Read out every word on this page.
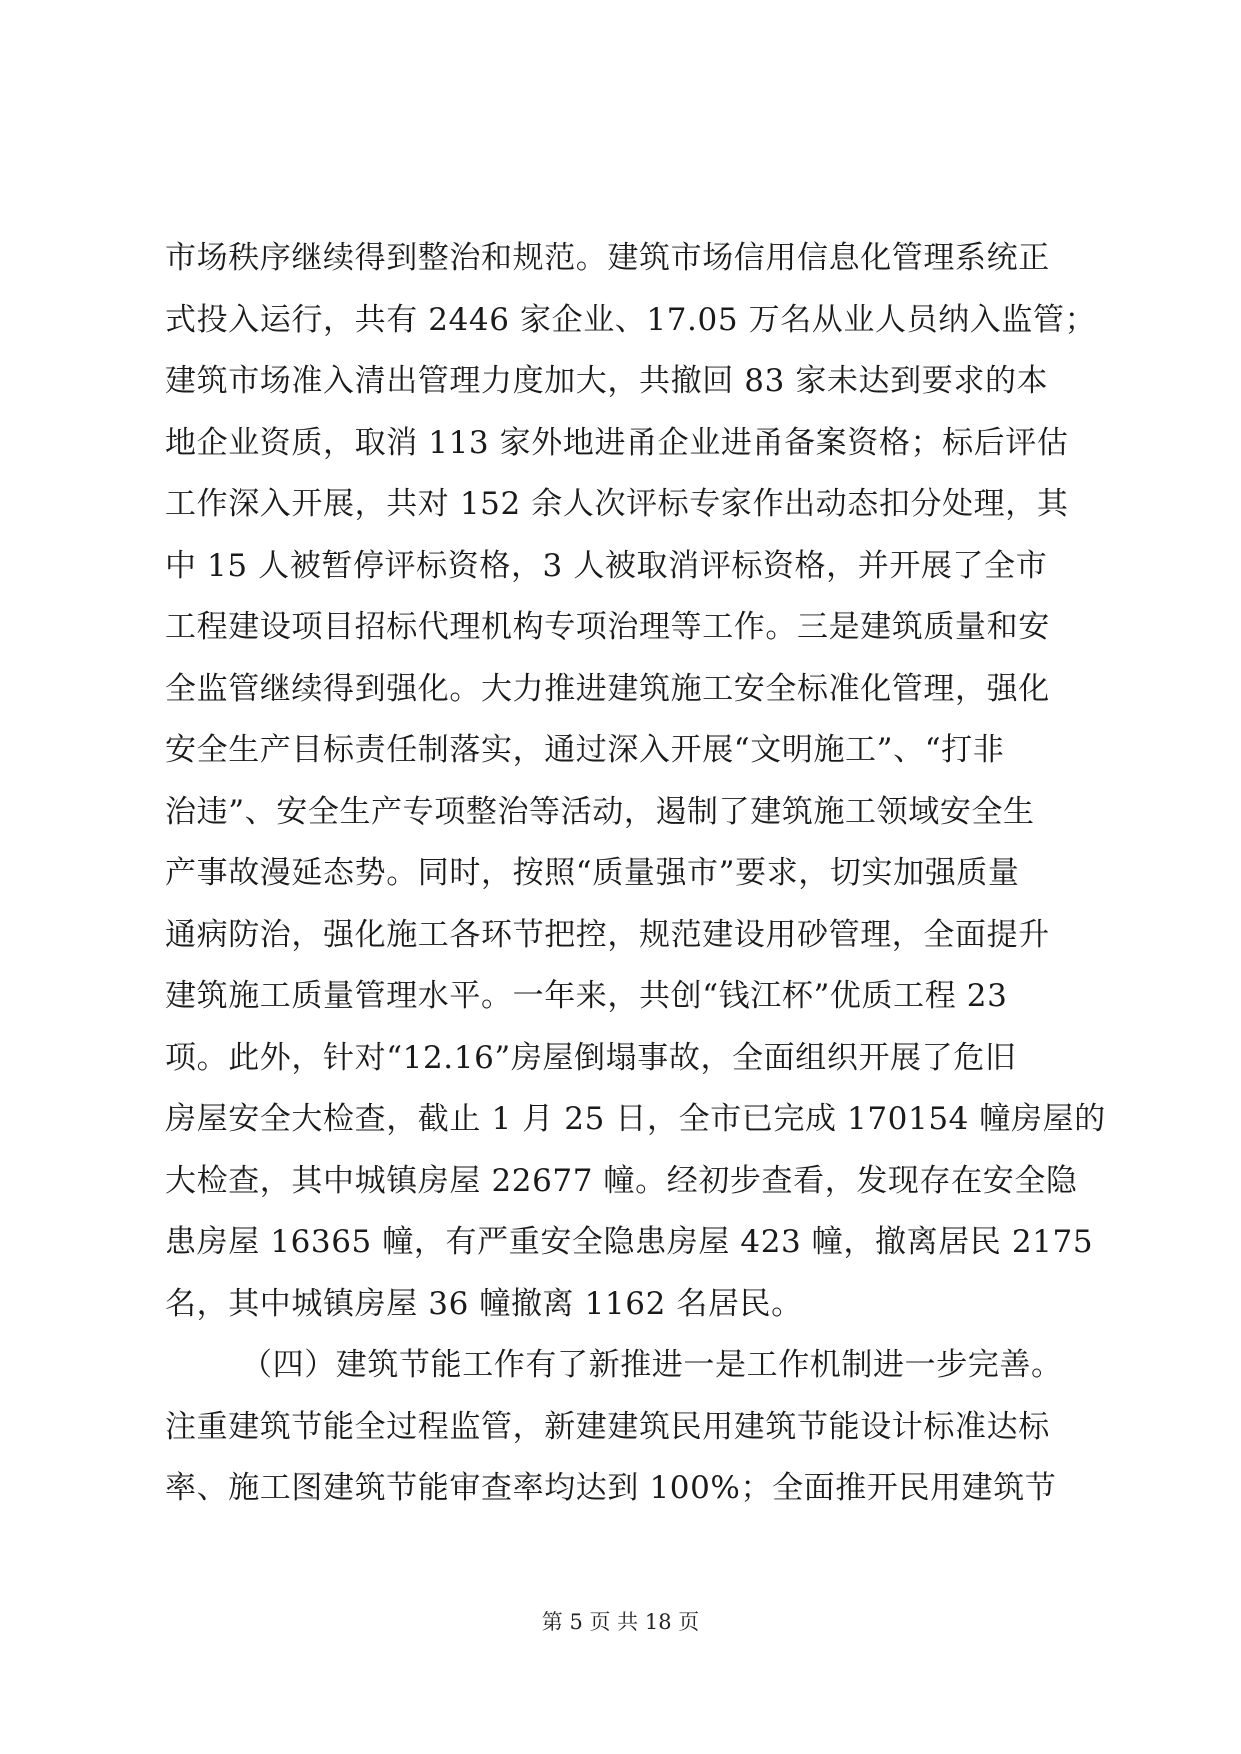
市场秩序继续得到整治和规范。建筑市场信用信息化管理系统正
式投入运行，共有 2446 家企业、17.05 万名从业人员纳入监管；
建筑市场准入清出管理力度加大，共撤回 83 家未达到要求的本
地企业资质，取消 113 家外地进甬企业进甬备案资格；标后评估
工作深入开展，共对 152 余人次评标专家作出动态扣分处理，其
中 15 人被暂停评标资格，3 人被取消评标资格，并开展了全市
工程建设项目招标代理机构专项治理等工作。三是建筑质量和安
全监管继续得到强化。大力推进建筑施工安全标准化管理，强化
安全生产目标责任制落实，通过深入开展“文明施工”、“打非
治违”、安全生产专项整治等活动，遏制了建筑施工领域安全生
产事故漫延态势。同时，按照“质量强市”要求，切实加强质量
通病防治，强化施工各环节把控，规范建设用砂管理，全面提升
建筑施工质量管理水平。一年来，共创“钱江杯”优质工程 23
项。此外，针对“12.16”房屋倒塌事故，全面组织开展了危旧
房屋安全大检查，截止 1 月 25 日，全市已完成 170154 幢房屋的
大检查，其中城镇房屋 22677 幢。经初步查看，发现存在安全隐
患房屋 16365 幢，有严重安全隐患房屋 423 幢，撤离居民 2175
名，其中城镇房屋 36 幢撤离 1162 名居民。
（四）建筑节能工作有了新推进一是工作机制进一步完善。
注重建筑节能全过程监管，新建建筑民用建筑节能设计标准达标
率、施工图建筑节能审查率均达到 100%；全面推开民用建筑节
第 5 页 共 18 页
